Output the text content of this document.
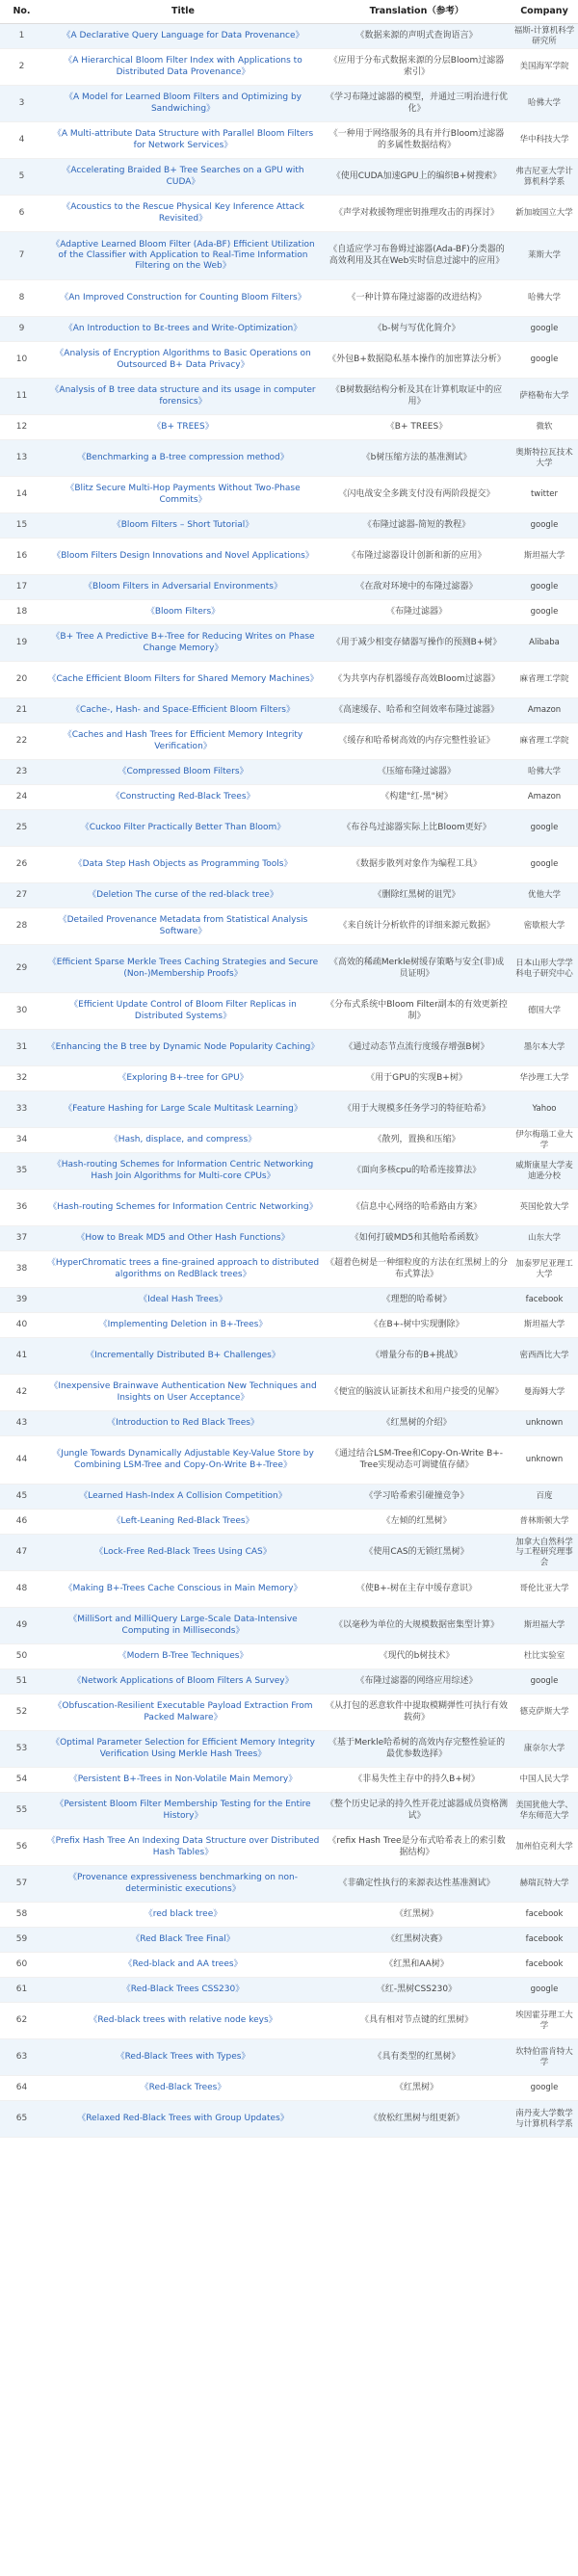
No.	Title	Translation（参考）	Company
1	《A Declarative Query Language for Data Provenance》	《数据来源的声明式查询语言》	福斯-计算机科学研究所
2	《A Hierarchical Bloom Filter Index with Applications to Distributed Data Provenance》	《应用于分布式数据来源的分层Bloom过滤器索引》	美国海军学院
3	《A Model for Learned Bloom Filters and Optimizing by Sandwiching》	《学习布隆过滤器的模型，并通过三明治进行优化》	哈佛大学
4	《A Multi-attribute Data Structure with Parallel Bloom Filters for Network Services》	《一种用于网络服务的具有并行Bloom过滤器的多属性数据结构》	华中科技大学
5	《Accelerating Braided B+ Tree Searches on a GPU with CUDA》	《使用CUDA加速GPU上的编织B+树搜索》	弗吉尼亚大学计算机科学系
6	《Acoustics to the Rescue Physical Key Inference Attack Revisited》	《声学对救援物理密钥推理攻击的再探讨》	新加坡国立大学
7	《Adaptive Learned Bloom Filter (Ada-BF) Efficient Utilization of the Classifier with Application to Real-Time Information Filtering on the Web》	《自适应学习布鲁姆过滤器(Ada-BF)分类器的高效利用及其在Web实时信息过滤中的应用》	莱斯大学
8	《An Improved Construction for Counting Bloom Filters》	《一种计算布隆过滤器的改进结构》	哈佛大学
9	《An Introduction to Bε-trees and Write-Optimization》	《b-树与写优化简介》	google
10	《Analysis of Encryption Algorithms to Basic Operations on Outsourced B+ Data Privacy》	《外包B+数据隐私基本操作的加密算法分析》	google
11	《Analysis of B tree data structure and its usage in computer forensics》	《B树数据结构分析及其在计算机取证中的应用》	萨格勒布大学
12	《B+ TREES》	《B+ TREES》	微软
13	《Benchmarking a B-tree compression method》	《b树压缩方法的基准测试》	奥斯特拉瓦技术大学
14	《Blitz Secure Multi-Hop Payments Without Two-Phase Commits》	《闪电战安全多跳支付没有两阶段提交》	twitter
15	《Bloom Filters – Short Tutorial》	《布隆过滤器-简短的教程》	google
16	《Bloom Filters Design Innovations and Novel Applications》	《布隆过滤器设计创新和新的应用》	斯坦福大学
17	《Bloom Filters in Adversarial Environments》	《在敌对环境中的布隆过滤器》	google
18	《Bloom Filters》	《布隆过滤器》	google
19	《B+ Tree A Predictive B+-Tree for Reducing Writes on Phase Change Memory》	《用于减少相变存储器写操作的预测B+树》	Alibaba
20	《Cache Efficient Bloom Filters for Shared Memory Machines》	《为共享内存机器缓存高效Bloom过滤器》	麻省理工学院
21	《Cache-, Hash- and Space-Efficient Bloom Filters》	《高速缓存、哈希和空间效率布隆过滤器》	Amazon
22	《Caches and Hash Trees for Efficient Memory Integrity Verification》	《缓存和哈希树高效的内存完整性验证》	麻省理工学院
23	《Compressed Bloom Filters》	《压缩布隆过滤器》	哈佛大学
24	《Constructing Red-Black Trees》	《构建"红-黑"树》	Amazon
25	《Cuckoo Filter Practically Better Than Bloom》	《布谷鸟过滤器实际上比Bloom更好》	google
26	《Data Step Hash Objects as Programming Tools》	《数据步散列对象作为编程工具》	google
27	《Deletion The curse of the red-black tree》	《删除红黑树的诅咒》	优他大学
28	《Detailed Provenance Metadata from Statistical Analysis Software》	《来自统计分析软件的详细来源元数据》	密歇根大学
29	《Efficient Sparse Merkle Trees Caching Strategies and Secure (Non-)Membership Proofs》	《高效的稀疏Merkle树缓存策略与安全(非)成员证明》	日本山形大学学科电子研究中心
30	《Efficient Update Control of Bloom Filter Replicas in Distributed Systems》	《分布式系统中Bloom Filter副本的有效更新控制》	德国大学
31	《Enhancing the B tree by Dynamic Node Popularity Caching》	《通过动态节点流行度缓存增强B树》	墨尔本大学
32	《Exploring B+-tree for GPU》	《用于GPU的实现B+树》	华沙理工大学
33	《Feature Hashing for Large Scale Multitask Learning》	《用于大规模多任务学习的特征哈希》	Yahoo
34	《Hash, displace, and compress》	《散列，置换和压缩》	伊尔梅瑙工业大学
35	《Hash-routing Schemes for Information Centric Networking Hash Join Algorithms for Multi-core CPUs》	《面向多核cpu的哈希连接算法》	威斯康星大学麦迪逊分校
36	《Hash-routing Schemes for Information Centric Networking》	《信息中心网络的哈希路由方案》	英国伦敦大学
37	《How to Break MD5 and Other Hash Functions》	《如何打破MD5和其他哈希函数》	山东大学
38	《HyperChromatic trees a fine-grained approach to distributed algorithms on RedBlack trees》	《超着色树是一种细粒度的方法在红黑树上的分布式算法》	加泰罗尼亚理工大学
39	《Ideal Hash Trees》	《理想的哈希树》	facebook
40	《Implementing Deletion in B+-Trees》	《在B+-树中实现删除》	斯坦福大学
41	《Incrementally Distributed B+ Challenges》	《增量分布的B+挑战》	密西西比大学
42	《Inexpensive Brainwave Authentication New Techniques and Insights on User Acceptance》	《便宜的脑波认证新技术和用户接受的见解》	曼海姆大学
43	《Introduction to Red Black Trees》	《红黑树的介绍》	unknown
44	《Jungle Towards Dynamically Adjustable Key-Value Store by Combining LSM-Tree and Copy-On-Write B+-Tree》	《通过结合LSM-Tree和Copy-On-Write B+-Tree实现动态可调键值存储》	unknown
45	《Learned Hash-Index A Collision Competition》	《学习哈希索引碰撞竞争》	百度
46	《Left-Leaning Red-Black Trees》	《左倾的红黑树》	普林斯顿大学
47	《Lock-Free Red-Black Trees Using CAS》	《使用CAS的无锁红黑树》	加拿大自然科学与工程研究理事会
48	《Making B+-Trees Cache Conscious in Main Memory》	《使B+-树在主存中缓存意识》	哥伦比亚大学
49	《MilliSort and MilliQuery Large-Scale Data-Intensive Computing in Milliseconds》	《以毫秒为单位的大规模数据密集型计算》	斯坦福大学
50	《Modern B-Tree Techniques》	《现代的b树技术》	杜比实验室
51	《Network Applications of Bloom Filters A Survey》	《布隆过滤器的网络应用综述》	google
52	《Obfuscation-Resilient Executable Payload Extraction From Packed Malware》	《从打包的恶意软件中提取模糊弹性可执行有效载荷》	德克萨斯大学
53	《Optimal Parameter Selection for Efficient Memory Integrity Verification Using Merkle Hash Trees》	《基于Merkle哈希树的高效内存完整性验证的最优参数选择》	康奈尔大学
54	《Persistent B+-Trees in Non-Volatile Main Memory》	《非易失性主存中的持久B+树》	中国人民大学
55	《Persistent Bloom Filter Membership Testing for the Entire History》	《整个历史记录的持久性开花过滤器成员资格测试》	美国犹他大学、华东师范大学
56	《Prefix Hash Tree An Indexing Data Structure over Distributed Hash Tables》	《refix Hash Tree是分布式哈希表上的索引数据结构》	加州伯克利大学
57	《Provenance expressiveness benchmarking on non-deterministic executions》	《非确定性执行的来源表达性基准测试》	赫瑞瓦特大学
58	《red black tree》	《红黑树》	facebook
59	《Red Black Tree Final》	《红黑树决赛》	facebook
60	《Red-black and AA trees》	《红黑和AA树》	facebook
61	《Red-Black Trees CSS230》	《红-黑树CSS230》	google
62	《Red-black trees with relative node keys》	《具有相对节点键的红黑树》	埃因霍芬理工大学
63	《Red-Black Trees with Types》	《具有类型的红黑树》	坎特伯雷肯特大学
64	《Red-Black Trees》	《红黑树》	google
65	《Relaxed Red-Black Trees with Group Updates》	《放松红黑树与组更新》	南丹麦大学数学与计算机科学系
